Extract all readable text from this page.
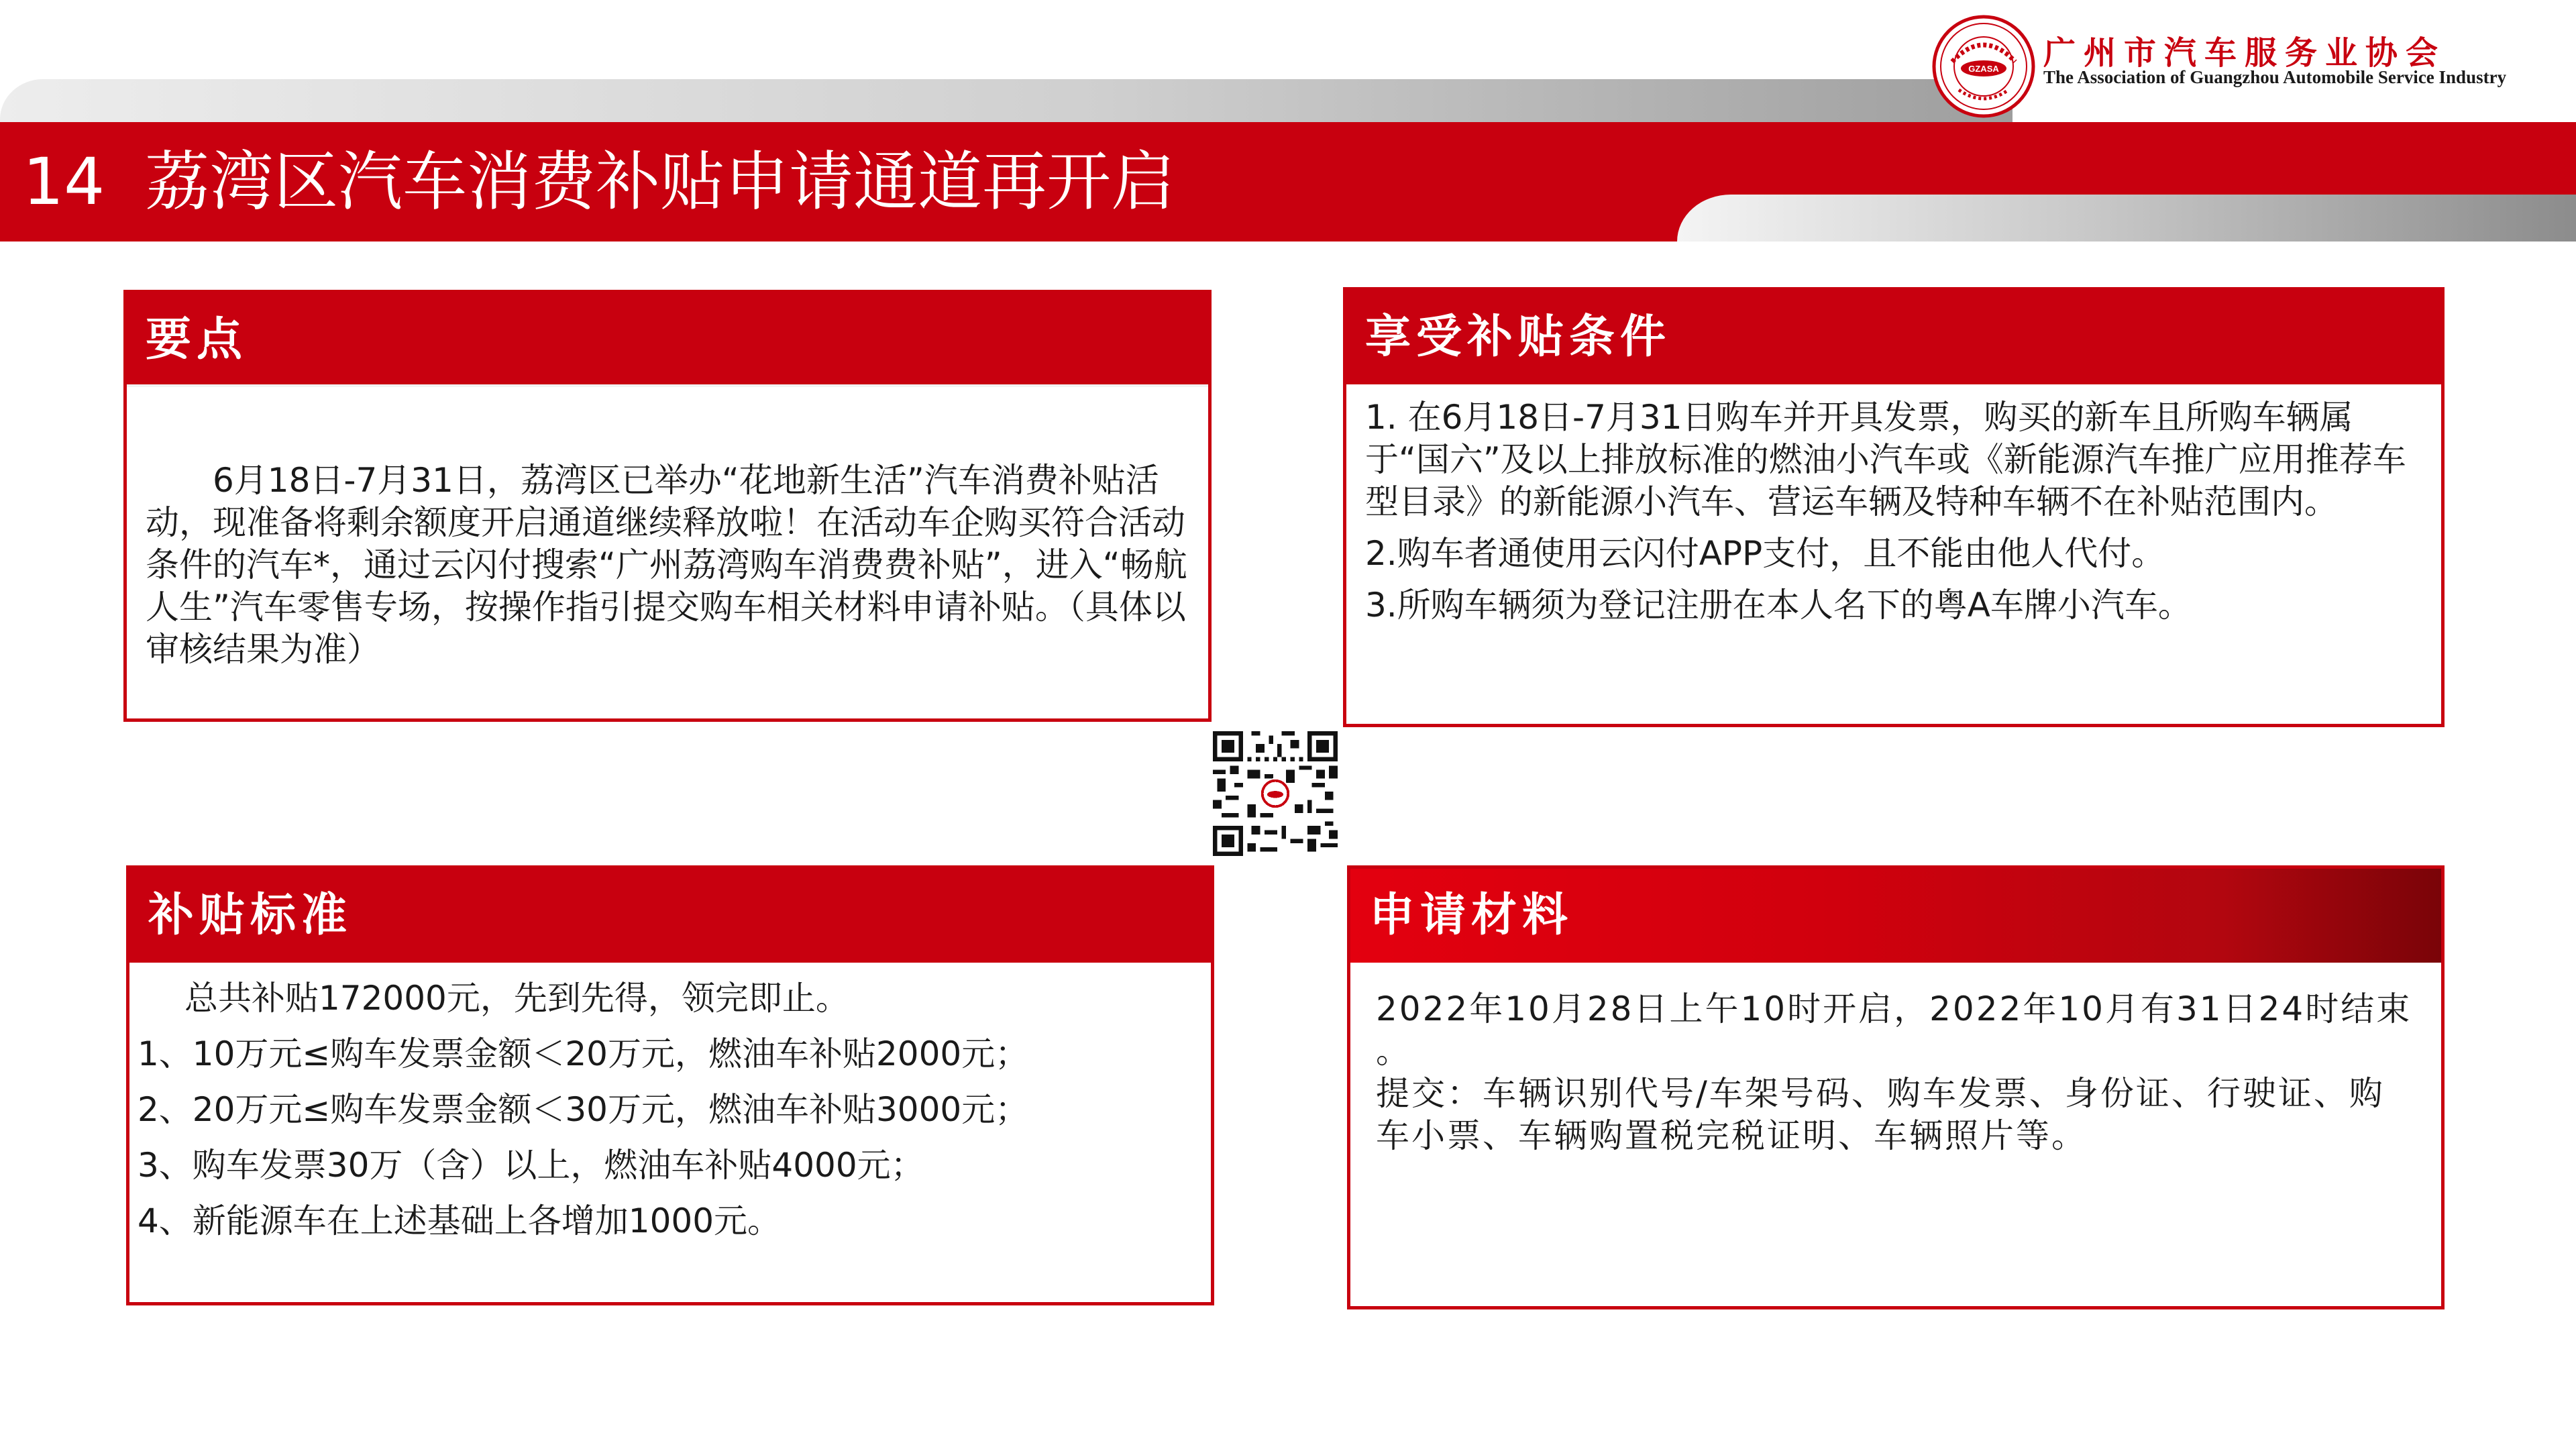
14 荔湾区汽车消费补贴申请通道再开启
GZASA 广州市汽车服务业协会
The Association of Guangzhou Automobile Service Industry
要点

6月18日-7月31日，荔湾区已举办“花地新生活”汽车消费补贴活动，现准备将剩余额度开启通道继续释放啦！在活动车企购买符合活动条件的汽车*，通过云闪付搜索“广州荔湾购车消费费补贴”，进入“畅航人生”汽车零售专场，按操作指引提交购车相关材料申请补贴。（具体以审核结果为准）

享受补贴条件

1. 在6月18日-7月31日购车并开具发票，购买的新车且所购车辆属于“国六”及以上排放标准的燃油小汽车或《新能源汽车推广应用推荐车型目录》的新能源小汽车、营运车辆及特种车辆不在补贴范围内。

2.购车者通使用云闪付APP支付，且不能由他人代付。

3.所购车辆须为登记注册在本人名下的粤A车牌小汽车。

补贴标准

总共补贴172000元，先到先得，领完即止。

1、10万元≤购车发票金额＜20万元，燃油车补贴2000元；

2、20万元≤购车发票金额＜30万元，燃油车补贴3000元；

3、购车发票30万（含）以上，燃油车补贴4000元；

4、新能源车在上述基础上各增加1000元。

申请材料

2022年10月28日上午10时开启，2022年10月有31日24时结束 。

提交：车辆识别代号/车架号码、购车发票、身份证、行驶证、购车小票、车辆购置税完税证明、车辆照片等。
